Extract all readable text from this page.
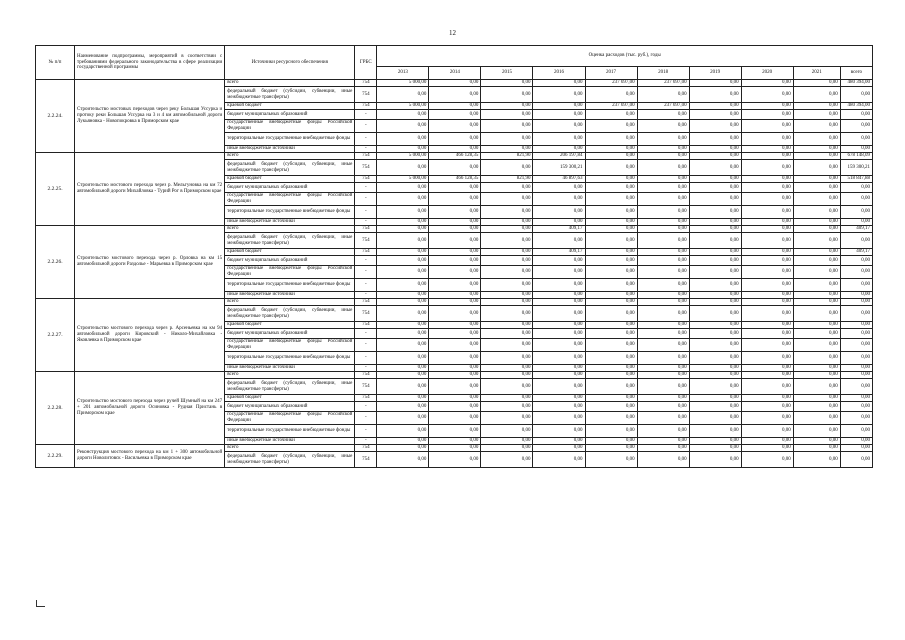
12
№ п/п	Наименование подпрограммы, мероприятий в соответствии с требованиями федерального законодательства в сфере реализации государственной программы	Источники ресурсного обеспечения	ГРБС	Оценка расходов (тыс. руб.), годы									
				2013	2014	2015	2016	2017	2018	2019	2020	2021	всего
2.2.24.	Строительство мостовых переходов через реку Большая Уссурка и протоку реки Большая Уссурка на 3 и 4 км автомобильной дороги Лукьяновка - Новопокровка в Приморском крае	всего	754	5 000,00	0,00	0,00	0,00	237 697,00	237 697,00	0,00	0,00	0,00	480 394,00
		федеральный бюджет (субсидии, субвенции, иные межбюджетные трансферты)	754	0,00	0,00	0,00	0,00	0,00	0,00	0,00	0,00	0,00	0,00
		краевой бюджет	754	5 000,00	0,00	0,00	0,00	237 697,00	237 697,00	0,00	0,00	0,00	480 394,00
		бюджет муниципальных образований	-	0,00	0,00	0,00	0,00	0,00	0,00	0,00	0,00	0,00	0,00
		государственные внебюджетные фонды Российской Федерации	-	0,00	0,00	0,00	0,00	0,00	0,00	0,00	0,00	0,00	0,00
		территориальные государственные внебюджетные фонды	-	0,00	0,00	0,00	0,00	0,00	0,00	0,00	0,00	0,00	0,00
		иные внебюджетные источники	-	0,00	0,00	0,00	0,00	0,00	0,00	0,00	0,00	0,00	0,00
2.2.25.	Строительство мостового перехода через р. Мельгуновка на км 72 автомобильной дороги Михайловка - Турий Рог в Приморском крае	всего	754	5 000,00	466 128,35	821,90	206 197,84	0,00	0,00	0,00	0,00	0,00	678 148,09
		федеральный бюджет (субсидии, субвенции, иные межбюджетные трансферты)	754	0,00	0,00	0,00	159 300,21	0,00	0,00	0,00	0,00	0,00	159 300,21
		краевой бюджет	754	5 000,00	466 128,35	821,90	46 897,63	0,00	0,00	0,00	0,00	0,00	518 847,88
		бюджет муниципальных образований	-	0,00	0,00	0,00	0,00	0,00	0,00	0,00	0,00	0,00	0,00
		государственные внебюджетные фонды Российской Федерации	-	0,00	0,00	0,00	0,00	0,00	0,00	0,00	0,00	0,00	0,00
		территориальные государственные внебюджетные фонды	-	0,00	0,00	0,00	0,00	0,00	0,00	0,00	0,00	0,00	0,00
		иные внебюджетные источники	-	0,00	0,00	0,00	0,00	0,00	0,00	0,00	0,00	0,00	0,00
2.2.26.	Строительство мостового перехода через р. Орловка на км 15 автомобильной дороги Раздолье - Марьевка в Приморском крае	всего	754	0,00	0,00	0,00	409,17	0,00	0,00	0,00	0,00	0,00	409,17
		федеральный бюджет (субсидии, субвенции, иные межбюджетные трансферты)	754	0,00	0,00	0,00	0,00	0,00	0,00	0,00	0,00	0,00	0,00
		краевой бюджет	754	0,00	0,00	0,00	409,17	0,00	0,00	0,00	0,00	0,00	409,17
		бюджет муниципальных образований	-	0,00	0,00	0,00	0,00	0,00	0,00	0,00	0,00	0,00	0,00
		государственные внебюджетные фонды Российской Федерации	-	0,00	0,00	0,00	0,00	0,00	0,00	0,00	0,00	0,00	0,00
		территориальные государственные внебюджетные фонды	-	0,00	0,00	0,00	0,00	0,00	0,00	0,00	0,00	0,00	0,00
		иные внебюджетные источники	-	0,00	0,00	0,00	0,00	0,00	0,00	0,00	0,00	0,00	0,00
2.2.27.	Строительство мостового перехода через р. Арсеньевка на км 94 автомобильной дороги Кировский - Николо-Михайловка - Яковлевка в Приморском крае	всего	754	0,00	0,00	0,00	0,00	0,00	0,00	0,00	0,00	0,00	0,00
		федеральный бюджет (субсидии, субвенции, иные межбюджетные трансферты)	754	0,00	0,00	0,00	0,00	0,00	0,00	0,00	0,00	0,00	0,00
		краевой бюджет	754	0,00	0,00	0,00	0,00	0,00	0,00	0,00	0,00	0,00	0,00
		бюджет муниципальных образований	-	0,00	0,00	0,00	0,00	0,00	0,00	0,00	0,00	0,00	0,00
		государственные внебюджетные фонды Российской Федерации	-	0,00	0,00	0,00	0,00	0,00	0,00	0,00	0,00	0,00	0,00
		территориальные государственные внебюджетные фонды	-	0,00	0,00	0,00	0,00	0,00	0,00	0,00	0,00	0,00	0,00
		иные внебюджетные источники	-	0,00	0,00	0,00	0,00	0,00	0,00	0,00	0,00	0,00	0,00
2.2.28.	Строительство мостового перехода через ручей Шумный на км 247 + 201 автомобильной дороги Осиновка - Рудная Пристань в Приморском крае	всего	754	0,00	0,00	0,00	0,00	0,00	0,00	0,00	0,00	0,00	0,00
		федеральный бюджет (субсидии, субвенции, иные межбюджетные трансферты)	754	0,00	0,00	0,00	0,00	0,00	0,00	0,00	0,00	0,00	0,00
		краевой бюджет	754	0,00	0,00	0,00	0,00	0,00	0,00	0,00	0,00	0,00	0,00
		бюджет муниципальных образований	-	0,00	0,00	0,00	0,00	0,00	0,00	0,00	0,00	0,00	0,00
		государственные внебюджетные фонды Российской Федерации	-	0,00	0,00	0,00	0,00	0,00	0,00	0,00	0,00	0,00	0,00
		территориальные государственные внебюджетные фонды	-	0,00	0,00	0,00	0,00	0,00	0,00	0,00	0,00	0,00	0,00
		иные внебюджетные источники	-	0,00	0,00	0,00	0,00	0,00	0,00	0,00	0,00	0,00	0,00
2.2.29.	Реконструкция мостового перехода на км 1 + 300 автомобильной дороги Новолитовск - Васильевка в Приморском крае	всего	754	0,00	0,00	0,00	0,00	0,00	0,00	0,00	0,00	0,00	0,00
		федеральный бюджет (субсидии, субвенции, иные межбюджетные трансферты)	754	0,00	0,00	0,00	0,00	0,00	0,00	0,00	0,00	0,00	0,00
